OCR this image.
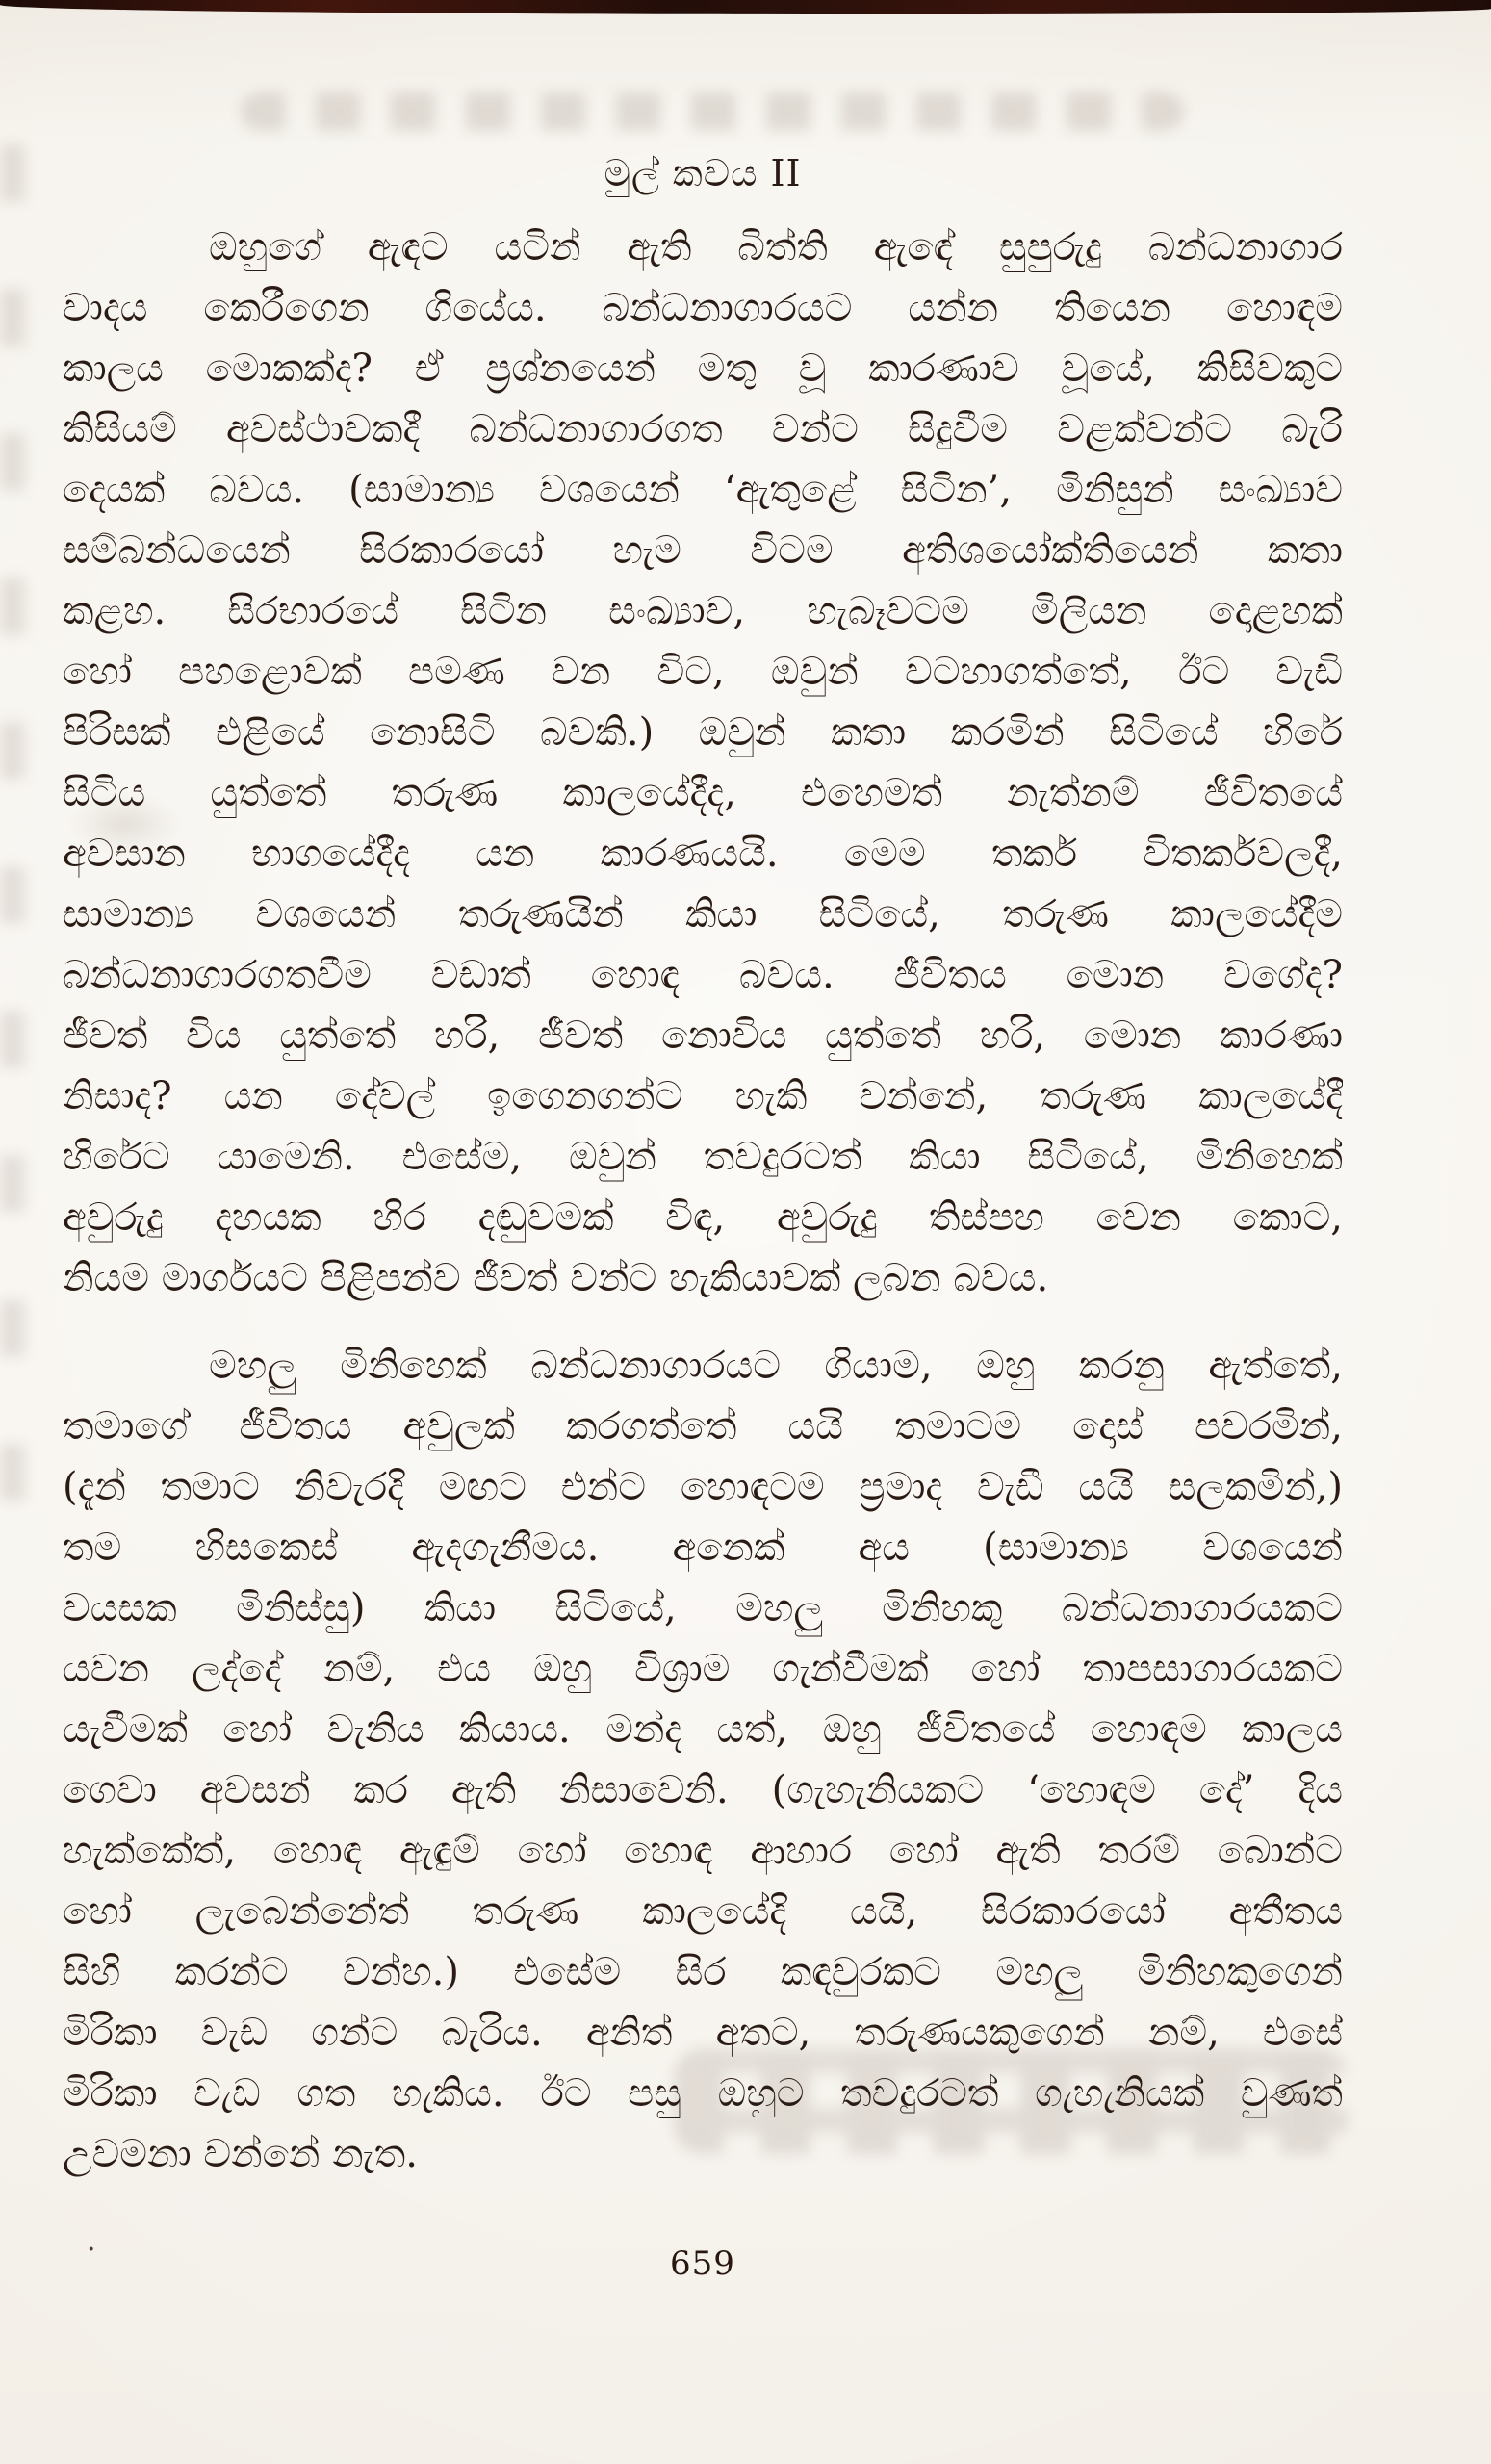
මුල් කවය II
ඔහුගේ ඇඳට යටින් ඇති බිත්ති ඇඳේ සුපුරුදු බන්ධනාගාර
වාදය කෙරීගෙන ගියේය. බන්ධනාගාරයට යන්න තියෙන හොඳම
කාලය මොකක්ද? ඒ ප්‍රශ්නයෙන් මතු වූ කාරණාව වූයේ, කිසිවකුට
කිසියම් අවස්ථාවකදී බන්ධනාගාරගත වන්ට සිදුවීම වළක්වන්ට බැරි
දෙයක් බවය. (සාමාන්‍ය වශයෙන් ‘ඇතුළේ සිටින’, මිනිසුන් සංඛ්‍යාව
සම්බන්ධයෙන් සිරකාරයෝ හැම විටම අතිශයෝක්තියෙන් කතා
කළහ. සිරභාරයේ සිටින සංඛ්‍යාව, හැබෑවටම මිලියන දොළහක්
හෝ පහළොවක් පමණ වන විට, ඔවුන් වටහාගත්තේ, ඊට වැඩි
පිරිසක් එළියේ නොසිටි බවකි.) ඔවුන් කතා කරමින් සිටියේ හිරේ
සිටිය යුත්තේ තරුණ කාලයේදීද, එහෙමත් නැත්නම් ජීවිතයේ
අවසාන භාගයේදීද යන කාරණයයි. මෙම තර්ක විතර්කවලදී,
සාමාන්‍ය වශයෙන් තරුණයින් කියා සිටියේ, තරුණ කාලයේදීම
බන්ධනාගාරගතවීම වඩාත් හොඳ බවය. ජීවිතය මොන වගේද?
ජීවත් විය යුත්තේ හරි, ජීවත් නොවිය යුත්තේ හරි, මොන කාරණා
නිසාද? යන දේවල් ඉගෙනගන්ට හැකි වන්නේ, තරුණ කාලයේදී
හිරේට යාමෙනි. එසේම, ඔවුන් තවදුරටත් කියා සිටියේ, මිනිහෙක්
අවුරුදු දහයක හිර දඬුවමක් විඳ, අවුරුදු තිස්පහ වෙන කොට,
නියම මාර්ගයට පිළිපන්ව ජීවත් වන්ට හැකියාවක් ලබන බවය.
මහලු මිනිහෙක් බන්ධනාගාරයට ගියාම, ඔහු කරනු ඇත්තේ,
තමාගේ ජීවිතය අවුලක් කරගත්තේ යයි තමාටම දොස් පවරමින්,
(දැන් තමාට නිවැරදි මඟට එන්ට හොඳටම ප්‍රමාද වැඩී යයි සලකමින්,)
තම හිසකෙස් ඇදගැනීමය. අනෙක් අය (සාමාන්‍ය වශයෙන්
වයසක මිනිස්සු) කියා සිටියේ, මහලු මිනිහකු බන්ධනාගාරයකට
යවන ලද්දේ නම්, එය ඔහු විශ්‍රාම ගැන්වීමක් හෝ තාපසාගාරයකට
යැවීමක් හෝ වැනිය කියාය. මන්ද යත්, ඔහු ජීවිතයේ හොඳම කාලය
ගෙවා අවසන් කර ඇති නිසාවෙනි. (ගැහැනියකට ‘හොඳම දේ’ දිය
හැක්කේත්, හොඳ ඇඳුම් හෝ හොඳ ආහාර හෝ ඇති තරම් බොන්ට
හෝ ලැබෙන්නේත් තරුණ කාලයේදි යයි, සිරකාරයෝ අතීතය
සිහි කරන්ට වන්හ.) එසේම සිර කඳවුරකට මහලු මිනිහකුගෙන්
මිරිකා වැඩ ගන්ට බැරිය. අනිත් අතට, තරුණයකුගෙන් නම්, එසේ
මිරිකා වැඩ ගත හැකිය. ඊට පසු ඔහුට තවදුරටත් ගැහැනියක් වුණත්
උවමනා වන්නේ නැත.
·	659
